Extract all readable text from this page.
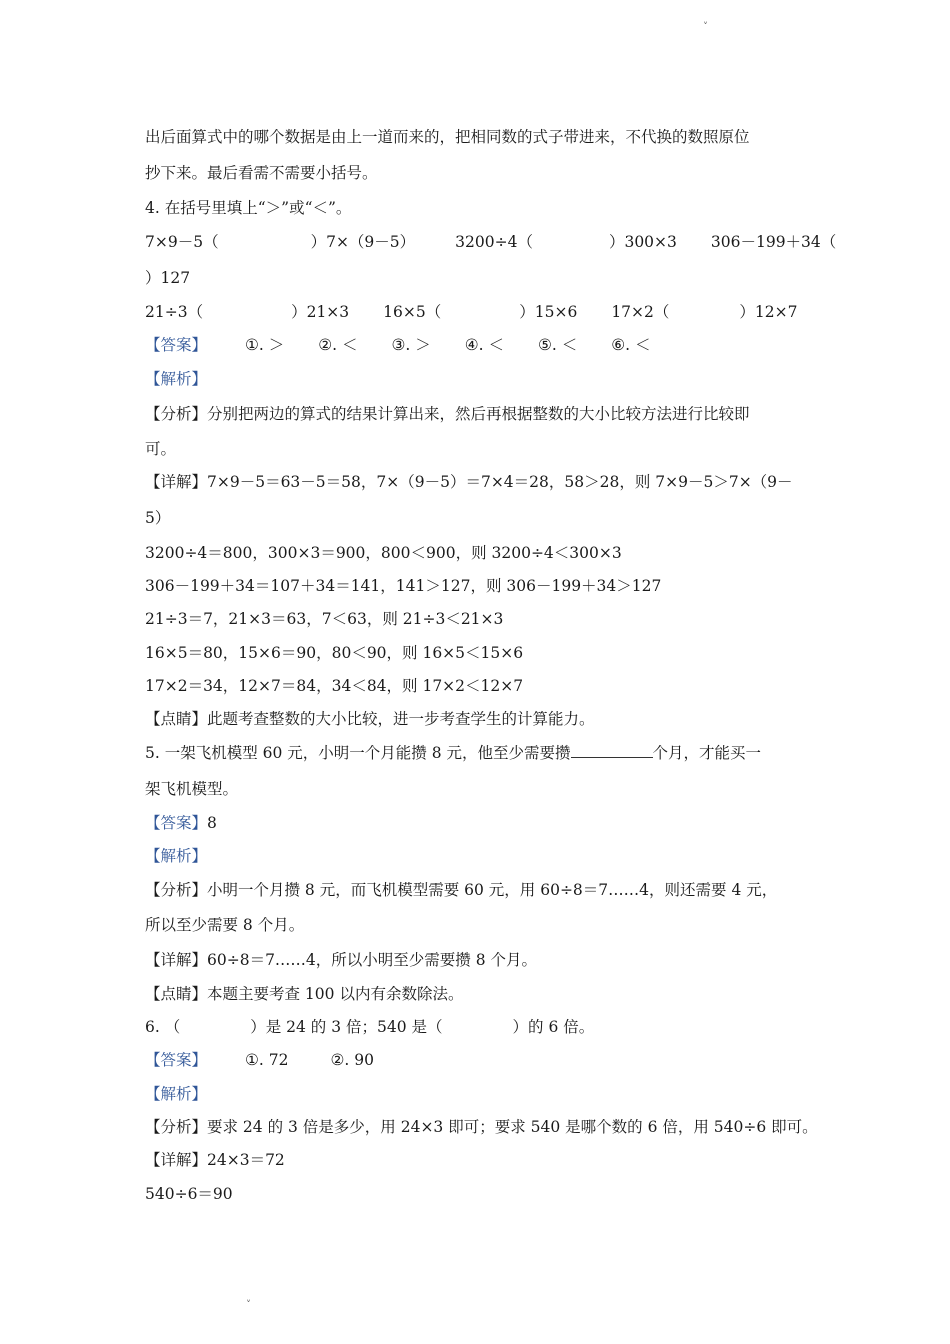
˅
出后面算式中的哪个数据是由上一道而来的，把相同数的式子带进来，不代换的数照原位
抄下来。最后看需不需要小括号。
4. 在括号里填上“＞”或“＜”。
7×9－5（	）7×（9－5）	3200÷4（	）300×3 306－199＋34（
）127
21÷3（	）21×3 16×5（	）15×6 17×2（	）12×7
【答案】 ①. ＞ ②. ＜ ③. ＞ ④. ＜ ⑤. ＜ ⑥. ＜
【解析】
【分析】分别把两边的算式的结果计算出来，然后再根据整数的大小比较方法进行比较即
可。
【详解】7×9－5＝63－5＝58，7×（9－5）＝7×4＝28，58＞28，则 7×9－5＞7×（9－
5）
3200÷4＝800，300×3＝900，800＜900，则 3200÷4＜300×3
306－199＋34＝107＋34＝141，141＞127，则 306－199＋34＞127
21÷3＝7，21×3＝63，7＜63，则 21÷3＜21×3
16×5＝80，15×6＝90，80＜90，则 16×5＜15×6
17×2＝34，12×7＝84，34＜84，则 17×2＜12×7
【点睛】此题考查整数的大小比较，进一步考查学生的计算能力。
5. 一架飞机模型 60 元，小明一个月能攒 8 元，他至少需要攒	个月，才能买一
架飞机模型。
【答案】8
【解析】
【分析】小明一个月攒 8 元，而飞机模型需要 60 元，用 60÷8＝7……4，则还需要 4 元，
所以至少需要 8 个月。
【详解】60÷8＝7……4，所以小明至少需要攒 8 个月。
【点睛】本题主要考查 100 以内有余数除法。
6. （	）是 24 的 3 倍；540 是（	）的 6 倍。
【答案】 ①. 72	②. 90
【解析】
【分析】要求 24 的 3 倍是多少，用 24×3 即可；要求 540 是哪个数的 6 倍，用 540÷6 即可。
【详解】24×3＝72
540÷6＝90
˅
